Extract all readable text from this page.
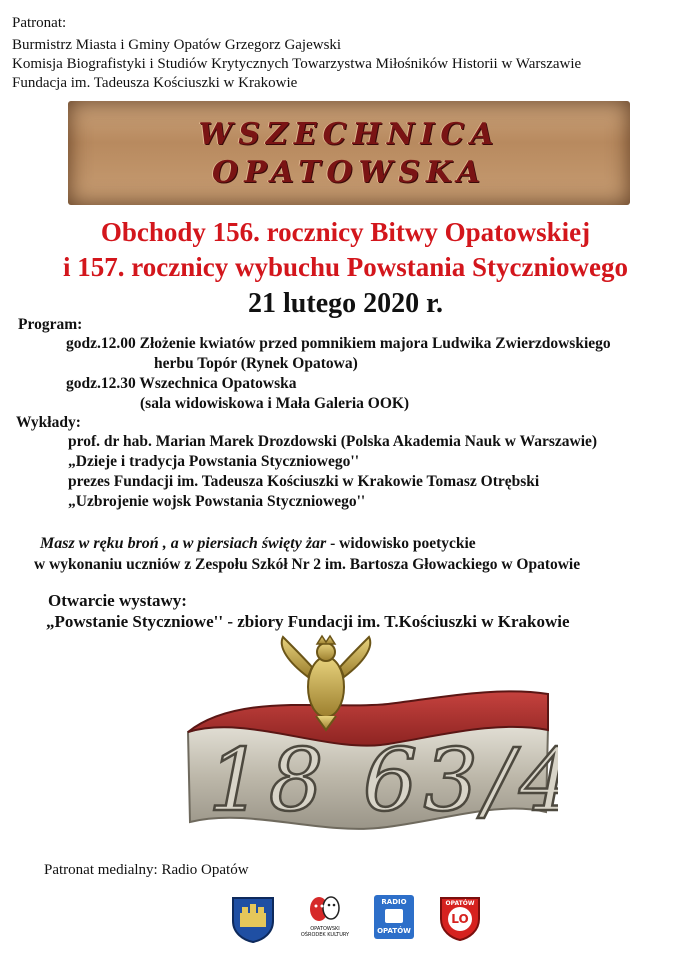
Patronat:
Burmistrz Miasta i Gminy Opatów Grzegorz Gajewski
Komisja Biografistyki i Studiów Krytycznych Towarzystwa Miłośników Historii w Warszawie
Fundacja im. Tadeusza Kościuszki w Krakowie
WSZECHNICA
OPATOWSKA
Obchody 156. rocznicy Bitwy Opatowskiej
i 157. rocznicy wybuchu Powstania Styczniowego
21 lutego 2020 r.
Program:
godz.12.00 Złożenie kwiatów przed pomnikiem majora Ludwika Zwierzdowskiego
herbu Topór (Rynek Opatowa)
godz.12.30 Wszechnica Opatowska
(sala widowiskowa i Mała Galeria OOK)
Wykłady:
prof. dr hab. Marian Marek Drozdowski (Polska Akademia Nauk w Warszawie)
„Dzieje i tradycja Powstania Styczniowego''
prezes Fundacji im. Tadeusza Kościuszki w Krakowie Tomasz Otrębski
„Uzbrojenie wojsk Powstania Styczniowego''
Masz w ręku broń , a w piersiach święty żar - widowisko poetyckie
w wykonaniu uczniów z Zespołu Szkół Nr 2 im. Bartosza Głowackiego w Opatowie
Otwarcie wystawy:
„Powstanie Styczniowe'' - zbiory Fundacji im. T.Kościuszki w Krakowie
18 63/4
Patronat medialny: Radio Opatów
OPATOWSKI OŚRODEK KULTURY
RADIO
OPATÓW
OPATÓW
LO
